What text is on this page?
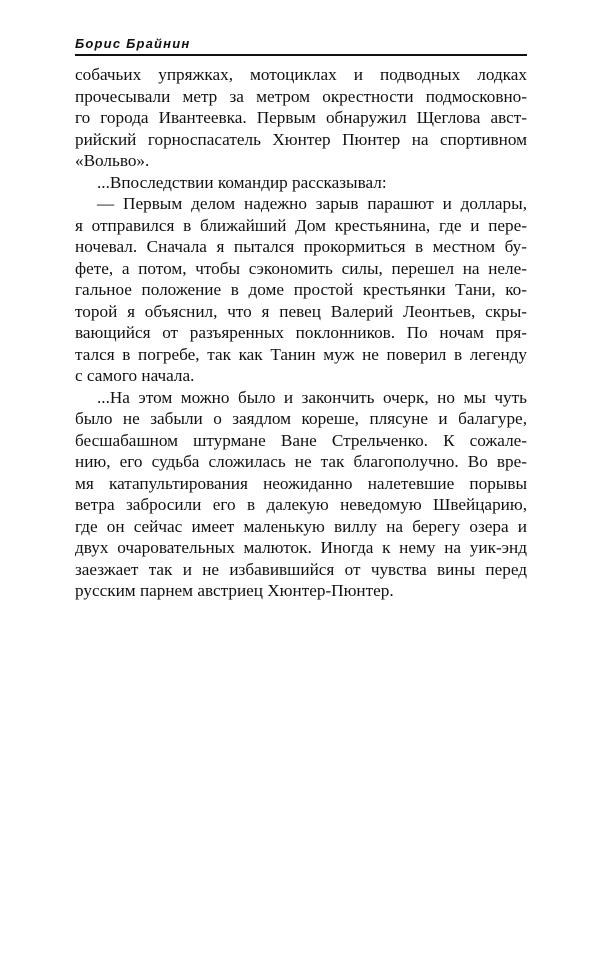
Борис Брайнин
собачьих упряжках, мотоциклах и подводных лодках
прочесывали метр за метром окрестности подмосковно-
го города Ивантеевка. Первым обнаружил Щеглова авст-
рийский горноспасатель Хюнтер Пюнтер на спортивном
«Вольво».
...Впоследствии командир рассказывал:
— Первым делом надежно зарыв парашют и доллары,
я отправился в ближайший Дом крестьянина, где и пере-
ночевал. Сначала я пытался прокормиться в местном бу-
фете, а потом, чтобы сэкономить силы, перешел на неле-
гальное положение в доме простой крестьянки Тани, ко-
торой я объяснил, что я певец Валерий Леонтьев, скры-
вающийся от разъяренных поклонников. По ночам пря-
тался в погребе, так как Танин муж не поверил в легенду
с самого начала.
...На этом можно было и закончить очерк, но мы чуть
было не забыли о заядлом кореше, плясуне и балагуре,
бесшабашном штурмане Ване Стрельченко. К сожале-
нию, его судьба сложилась не так благополучно. Во вре-
мя катапультирования неожиданно налетевшие порывы
ветра забросили его в далекую неведомую Швейцарию,
где он сейчас имеет маленькую виллу на берегу озера и
двух очаровательных малюток. Иногда к нему на уик-энд
заезжает так и не избавившийся от чувства вины перед
русским парнем австриец Хюнтер-Пюнтер.
